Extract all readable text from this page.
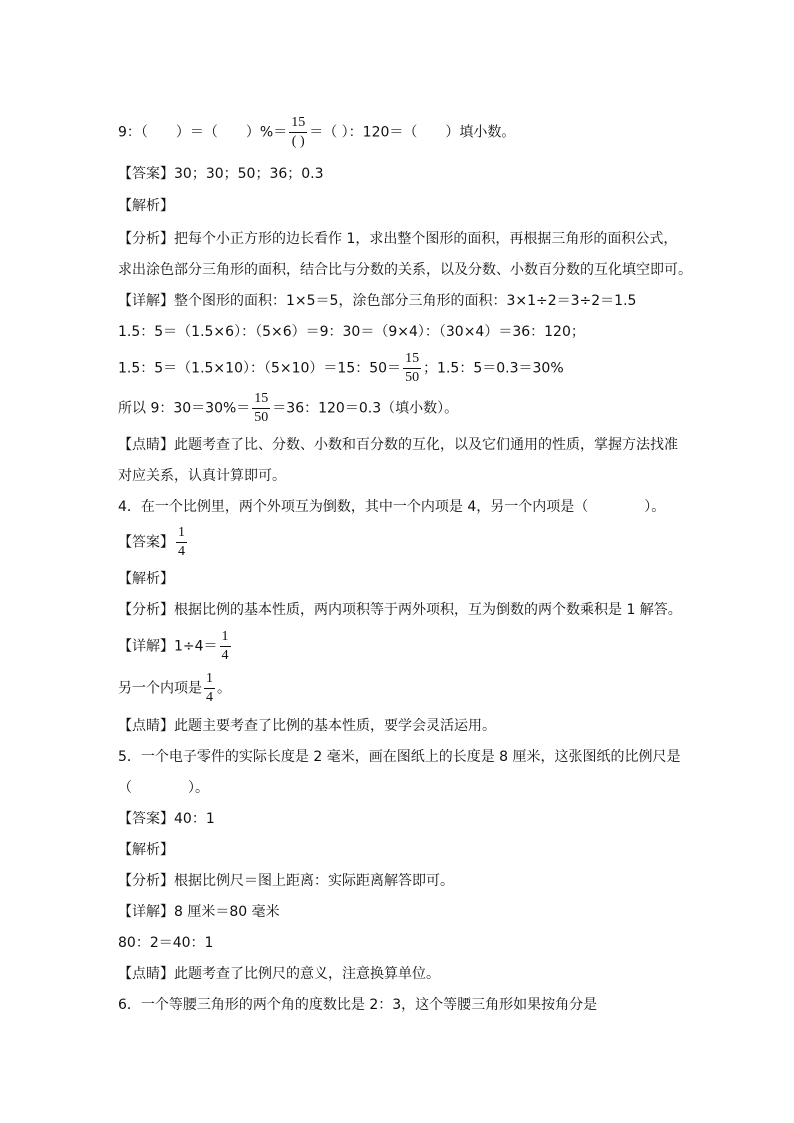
9：（　　）＝（　　）%＝ $\frac{15}{( )}$ ＝（ ）：120＝（　　）填小数。
【答案】30；30；50；36；0.3
【解析】
【分析】把每个小正方形的边长看作 1，求出整个图形的面积，再根据三角形的面积公式，
求出涂色部分三角形的面积，结合比与分数的关系，以及分数、小数百分数的互化填空即可。
【详解】整个图形的面积：1×5＝5，涂色部分三角形的面积：3×1÷2＝3÷2＝1.5
1.5：5＝（1.5×6）：（5×6）＝9：30＝（9×4）：（30×4）＝36：120；
1.5：5＝（1.5×10）：（5×10）＝15：$50= \frac{15}{50}$ ；1.5：5＝0.3＝30%
所以 9：$30=30\%= \frac{15}{50} =36$：120＝0.3（填小数）。
【点睛】此题考查了比、分数、小数和百分数的互化，以及它们通用的性质，掌握方法找准
对应关系，认真计算即可。
4．在一个比例里，两个外项互为倒数，其中一个内项是 4，另一个内项是（　　　　）。
【答案】 $\frac{1}{4}$
【解析】
【分析】根据比例的基本性质，两内项积等于两外项积，互为倒数的两个数乘积是 1 解答。
【详解】$1\div 4= \frac{1}{4}$
另一个内项是 $\frac{1}{4}$ 。
【点睛】此题主要考查了比例的基本性质，要学会灵活运用。
5．一个电子零件的实际长度是 2 毫米，画在图纸上的长度是 8 厘米，这张图纸的比例尺是
（　　　　）。
【答案】40：1
【解析】
【分析】根据比例尺＝图上距离：实际距离解答即可。
【详解】8 厘米＝80 毫米
80：2＝40：1
【点睛】此题考查了比例尺的意义，注意换算单位。
6．一个等腰三角形的两个角的度数比是 2：3，这个等腰三角形如果按角分是
